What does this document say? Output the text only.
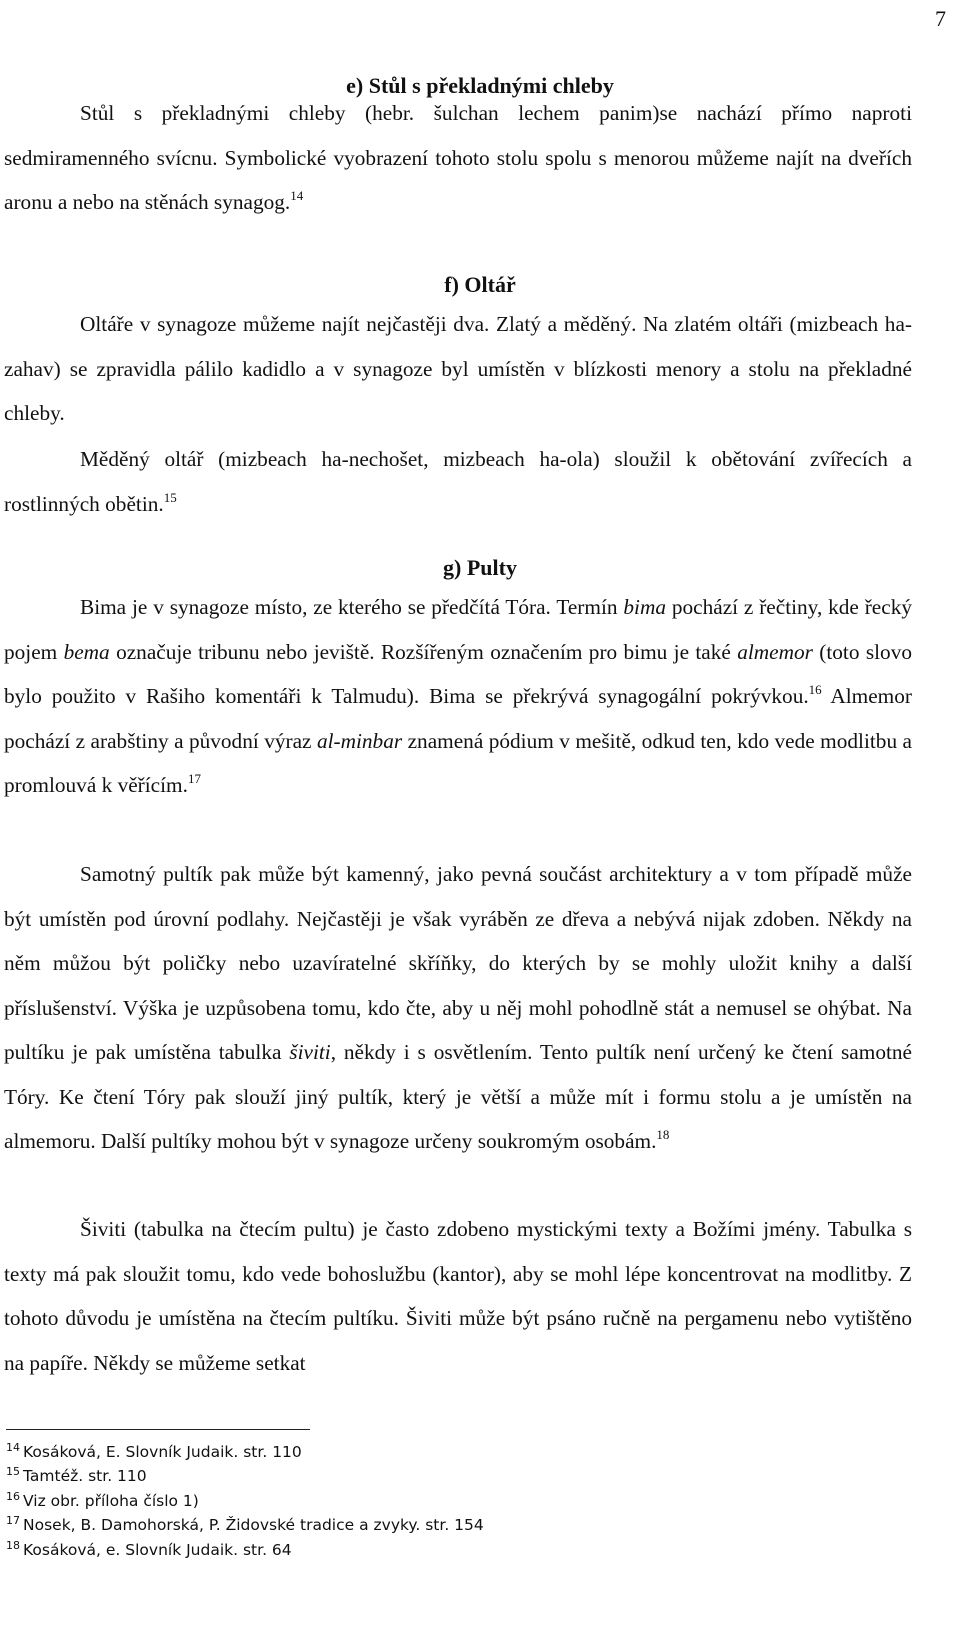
7
e) Stůl s překladnými chleby

Stůl s překladnými chleby (hebr. šulchan lechem panim)se nachází přímo naproti sedmiramenného svícnu. Symbolické vyobrazení tohoto stolu spolu s menorou můžeme najít na dveřích aronu a nebo na stěnách synagog.$^{14}$

f) Oltář

Oltáře v synagoze můžeme najít nejčastěji dva. Zlatý a měděný. Na zlatém oltáři (mizbeach ha-zahav) se zpravidla pálilo kadidlo a v synagoze byl umístěn v blízkosti menory a stolu na překladné chleby.

Měděný oltář (mizbeach ha-nechošet, mizbeach ha-ola) sloužil k obětování zvířecích a rostlinných obětin.$^{15}$

g) Pulty

Bima je v synagoze místo, ze kterého se předčítá Tóra. Termín bima pochází z řečtiny, kde řecký pojem bema označuje tribunu nebo jeviště. Rozšířeným označením pro bimu je také almemor (toto slovo bylo použito v Rašiho komentáři k Talmudu). Bima se překrývá synagogální pokrývkou.$^{16}$ Almemor pochází z arabštiny a původní výraz al-minbar znamená pódium v mešitě, odkud ten, kdo vede modlitbu a promlouvá k věřícím.$^{17}$

Samotný pultík pak může být kamenný, jako pevná součást architektury a v tom případě může být umístěn pod úrovní podlahy. Nejčastěji je však vyráběn ze dřeva a nebývá nijak zdoben. Někdy na něm můžou být poličky nebo uzavíratelné skříňky, do kterých by se mohly uložit knihy a další příslušenství. Výška je uzpůsobena tomu, kdo čte, aby u něj mohl pohodlně stát a nemusel se ohýbat. Na pultíku je pak umístěna tabulka šiviti, někdy i s osvětlením. Tento pultík není určený ke čtení samotné Tóry. Ke čtení Tóry pak slouží jiný pultík, který je větší a může mít i formu stolu a je umístěn na almemoru. Další pultíky mohou být v synagoze určeny soukromým osobám.$^{18}$

Šiviti (tabulka na čtecím pultu) je často zdobeno mystickými texty a Božími jmény. Tabulka s texty má pak sloužit tomu, kdo vede bohoslužbu (kantor), aby se mohl lépe koncentrovat na modlitby. Z tohoto důvodu je umístěna na čtecím pultíku. Šiviti může být psáno ručně na pergamenu nebo vytištěno na papíře. Někdy se můžeme setkat

$^{14}$ Kosáková, E. Slovník Judaik. str. 110
$^{15}$ Tamtéž. str. 110
$^{16}$ Viz obr. příloha číslo 1)
$^{17}$ Nosek, B. Damohorská, P. Židovské tradice a zvyky. str. 154
$^{18}$ Kosáková, e. Slovník Judaik. str. 64
